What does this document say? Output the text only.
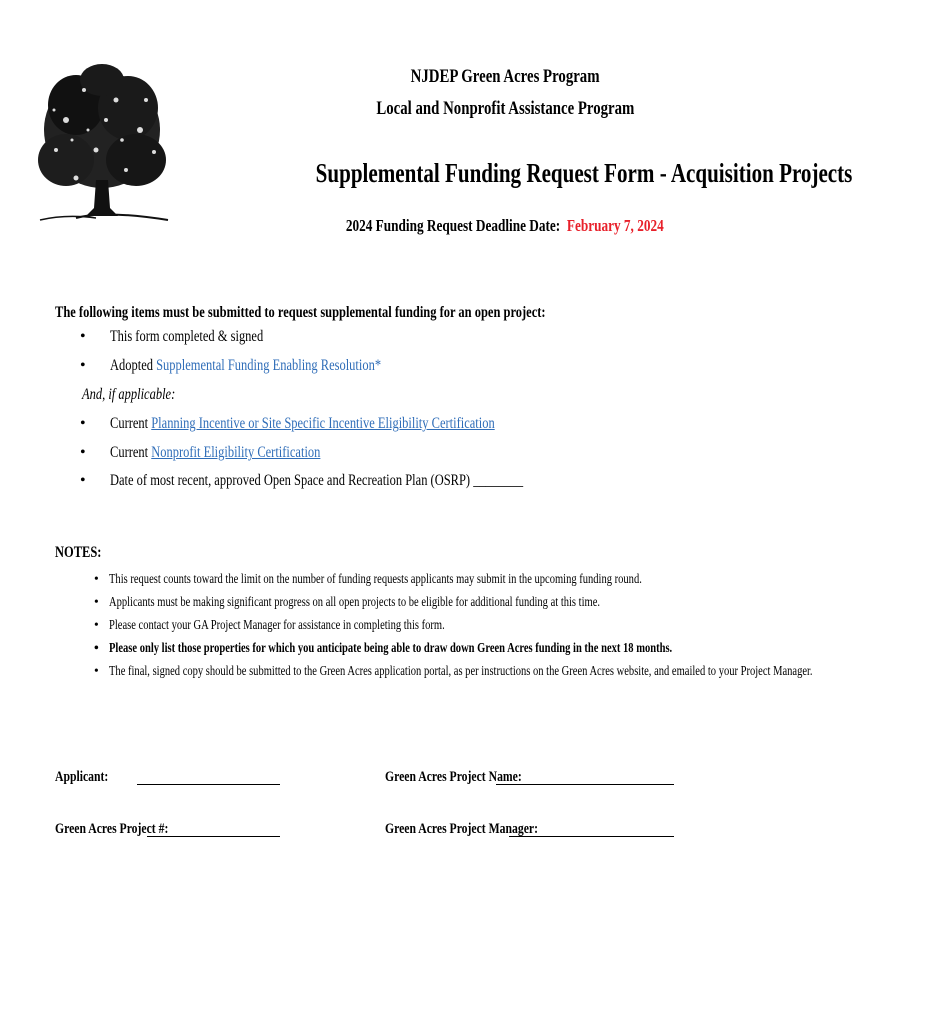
NJDEP Green Acres Program
Local and Nonprofit Assistance Program
Supplemental Funding Request Form - Acquisition Projects
2024 Funding Request Deadline Date: February 7, 2024
The following items must be submitted to request supplemental funding for an open project:
•	This form completed & signed
•	Adopted Supplemental Funding Enabling Resolution*
And, if applicable:
•	Current Planning Incentive or Site Specific Incentive Eligibility Certification
•	Current Nonprofit Eligibility Certification
•	Date of most recent, approved Open Space and Recreation Plan (OSRP) ________
NOTES:
• This request counts toward the limit on the number of funding requests applicants may submit in the upcoming funding round.
• Applicants must be making significant progress on all open projects to be eligible for additional funding at this time.
• Please contact your GA Project Manager for assistance in completing this form.
• Please only list those properties for which you anticipate being able to draw down Green Acres funding in the next 18 months.
• The final, signed copy should be submitted to the Green Acres application portal, as per instructions on the Green Acres website, and emailed to your Project Manager.
Applicant:	Green Acres Project Name:
Green Acres Project #:	Green Acres Project Manager:
